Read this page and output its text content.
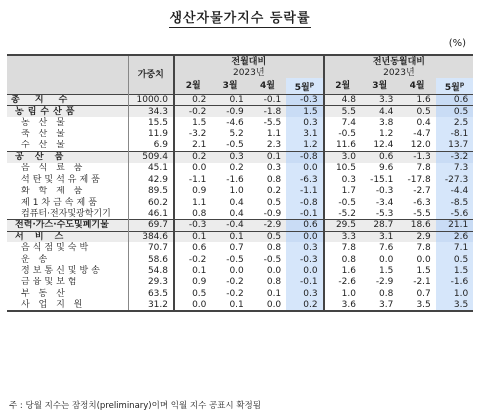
생산자물가지수 등락률
(%)
	가중치	전월대비				전년동월대비			
		2023년				2023년			
		2월	3월	4월	5월$^p$	2월	3월	4월	5월$^p$
총 지 수	1000.0	0.2	0.1	-0.1	-0.3	4.8	3.3	1.6	0.6
농림수산품	34.3	-0.2	-0.9	-1.8	1.5	5.5	4.4	0.5	0.5
농 산 물	15.5	1.5	-4.6	-5.5	0.3	7.4	3.8	0.4	2.5
축 산 물	11.9	-3.2	5.2	1.1	3.1	-0.5	1.2	-4.7	-8.1
수 산 물	6.9	2.1	-0.5	2.3	1.2	11.6	12.4	12.0	13.7
공 산 품	509.4	0.2	0.3	0.1	-0.8	3.0	0.6	-1.3	-3.2
음 식 료 품	45.1	0.0	0.2	0.3	0.0	10.5	9.6	7.8	7.3
석탄및석유제품	42.9	-1.1	-1.6	0.8	-6.3	0.3	-15.1	-17.8	-27.3
화 학 제 품	89.5	0.9	1.0	0.2	-1.1	1.7	-0.3	-2.7	-4.4
제1차금속제품	60.2	1.1	0.4	0.5	-0.8	-0.5	-3.4	-6.3	-8.5
컴퓨터·전자및광학기기	46.1	0.8	0.4	-0.9	-0.1	-5.2	-5.3	-5.5	-5.6
전력·가스·수도및폐기물	69.7	-0.3	-0.4	-2.9	0.6	29.5	28.7	18.6	21.1
서 비 스	384.6	0.1	0.1	0.5	0.0	3.3	3.1	2.9	2.6
음식점및숙박	70.7	0.6	0.7	0.8	0.3	7.8	7.6	7.8	7.1
운 송	58.6	-0.2	-0.5	-0.5	-0.3	0.8	0.0	0.0	0.5
정보통신및방송	54.8	0.1	0.0	0.0	0.0	1.6	1.5	1.5	1.5
금융및보험	29.3	0.9	-0.2	0.8	-0.1	-2.6	-2.9	-2.1	-1.6
부 동 산	63.5	0.5	-0.2	0.1	0.3	1.0	0.8	0.7	1.0
사 업 지 원	31.2	0.0	0.1	0.0	0.2	3.6	3.7	3.5	3.5
주 : 당월 지수는 잠정치(preliminary)이며 익월 지수 공표시 확정됨
